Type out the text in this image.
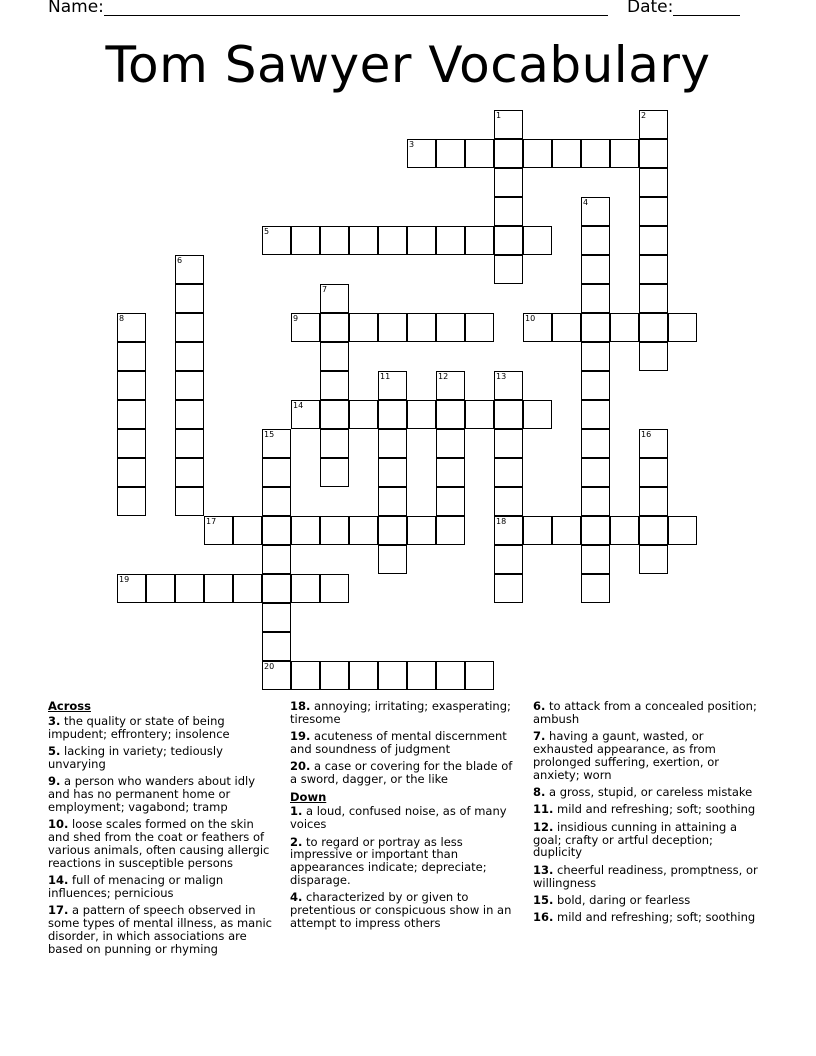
Name:	Date:
Tom Sawyer Vocabulary
3
5
9	10
14
17	18
19
20
1	2
4
6
7
8
11	12	13
15	16
Across
3. the quality or state of being impudent; effrontery; insolence
5. lacking in variety; tediously unvarying
9. a person who wanders about idly and has no permanent home or employment; vagabond; tramp
10. loose scales formed on the skin and shed from the coat or feathers of various animals, often causing allergic reactions in susceptible persons
14. full of menacing or malign influences; pernicious
17. a pattern of speech observed in some types of mental illness, as manic disorder, in which associations are based on punning or rhyming
18. annoying; irritating; exasperating; tiresome
19. acuteness of mental discernment and soundness of judgment
20. a case or covering for the blade of a sword, dagger, or the like
Down
1. a loud, confused noise, as of many voices
2. to regard or portray as less impressive or important than appearances indicate; depreciate; disparage.
4. characterized by or given to pretentious or conspicuous show in an attempt to impress others
6. to attack from a concealed position; ambush
7. having a gaunt, wasted, or exhausted appearance, as from prolonged suffering, exertion, or anxiety; worn
8. a gross, stupid, or careless mistake
11. mild and refreshing; soft; soothing
12. insidious cunning in attaining a goal; crafty or artful deception; duplicity
13. cheerful readiness, promptness, or willingness
15. bold, daring or fearless
16. mild and refreshing; soft; soothing
